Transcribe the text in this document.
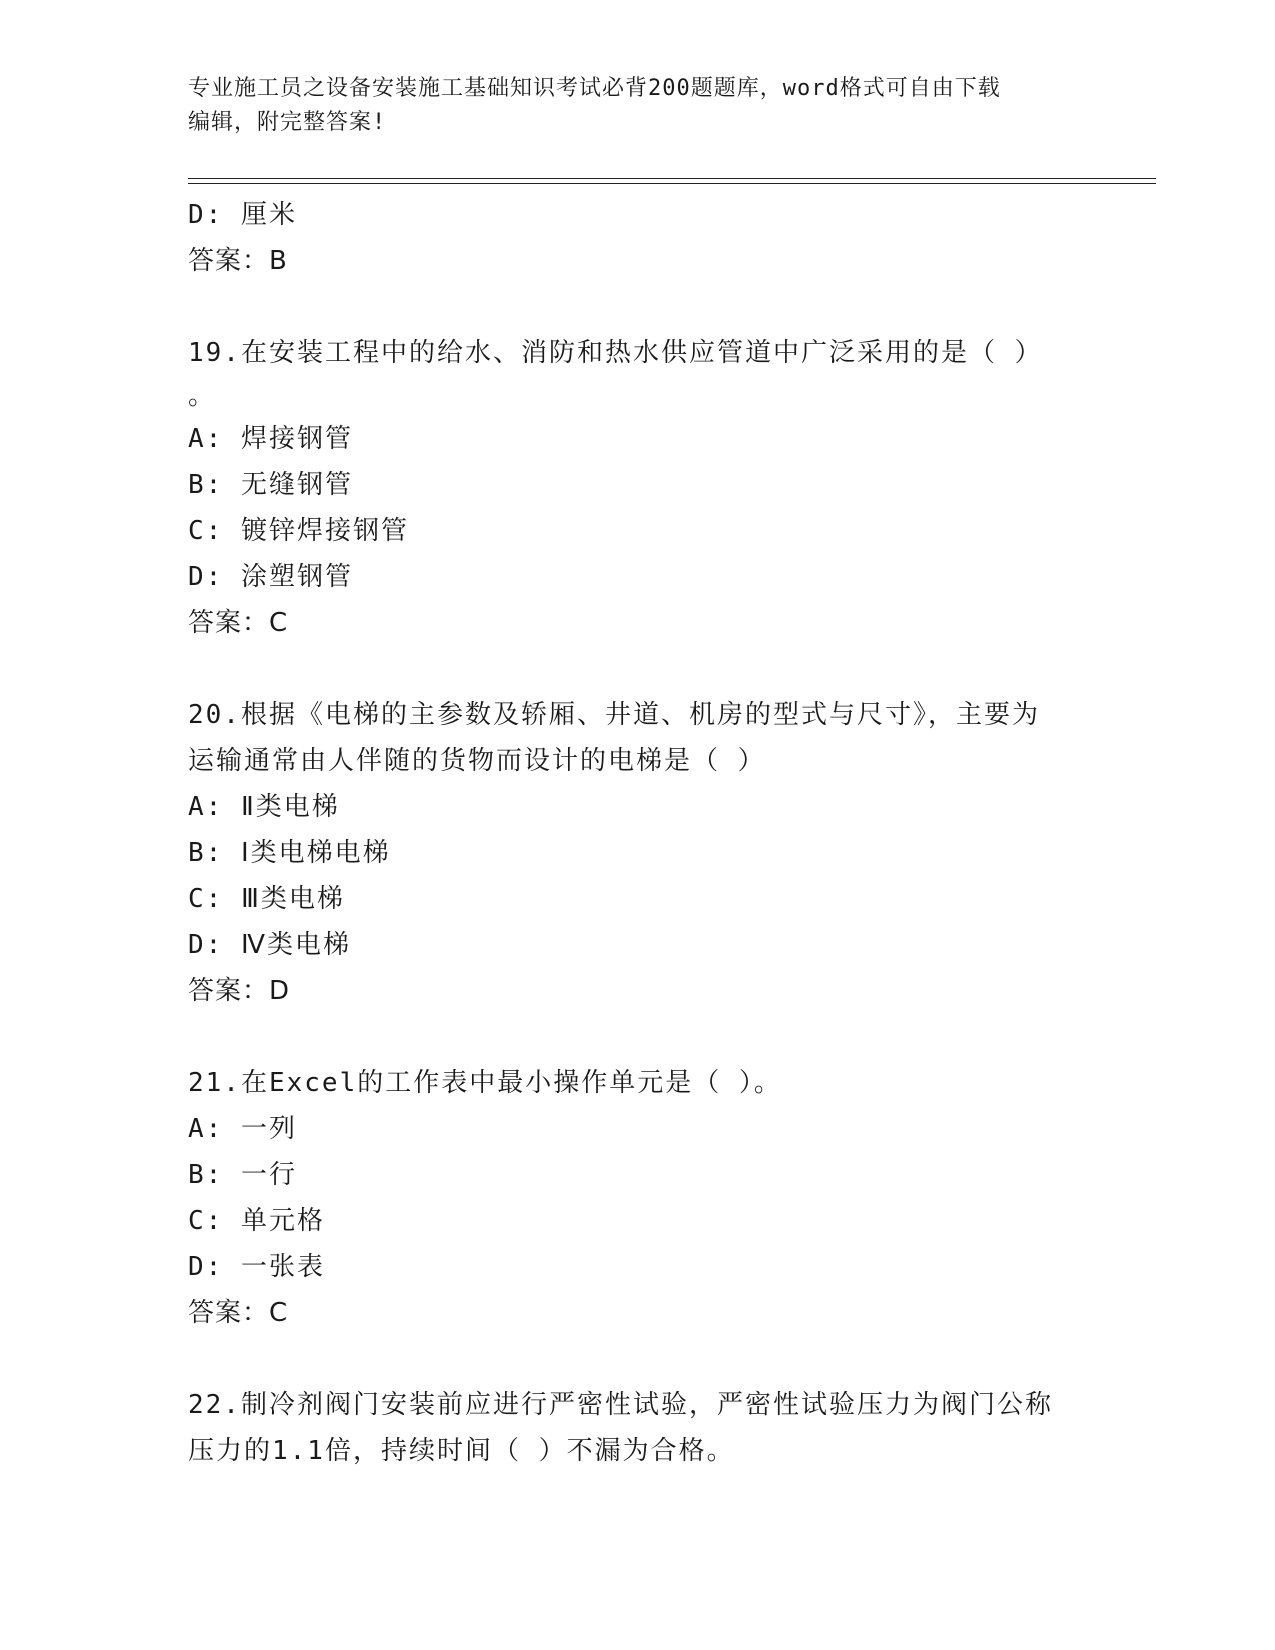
专业施工员之设备安装施工基础知识考试必背200题题库，word格式可自由下载
编辑，附完整答案!
D: 厘米
答案：B
19.在安装工程中的给水、消防和热水供应管道中广泛采用的是（ ）
。
A: 焊接钢管
B: 无缝钢管
C: 镀锌焊接钢管
D: 涂塑钢管
答案：C
20.根据《电梯的主参数及轿厢、井道、机房的型式与尺寸》，主要为
运输通常由人伴随的货物而设计的电梯是（ ）
A: Ⅱ类电梯
B: Ⅰ类电梯电梯
C: Ⅲ类电梯
D: Ⅳ类电梯
答案：D
21.在Excel的工作表中最小操作单元是（ ）。
A: 一列
B: 一行
C: 单元格
D: 一张表
答案：C
22.制冷剂阀门安装前应进行严密性试验，严密性试验压力为阀门公称
压力的1.1倍，持续时间（ ）不漏为合格。
